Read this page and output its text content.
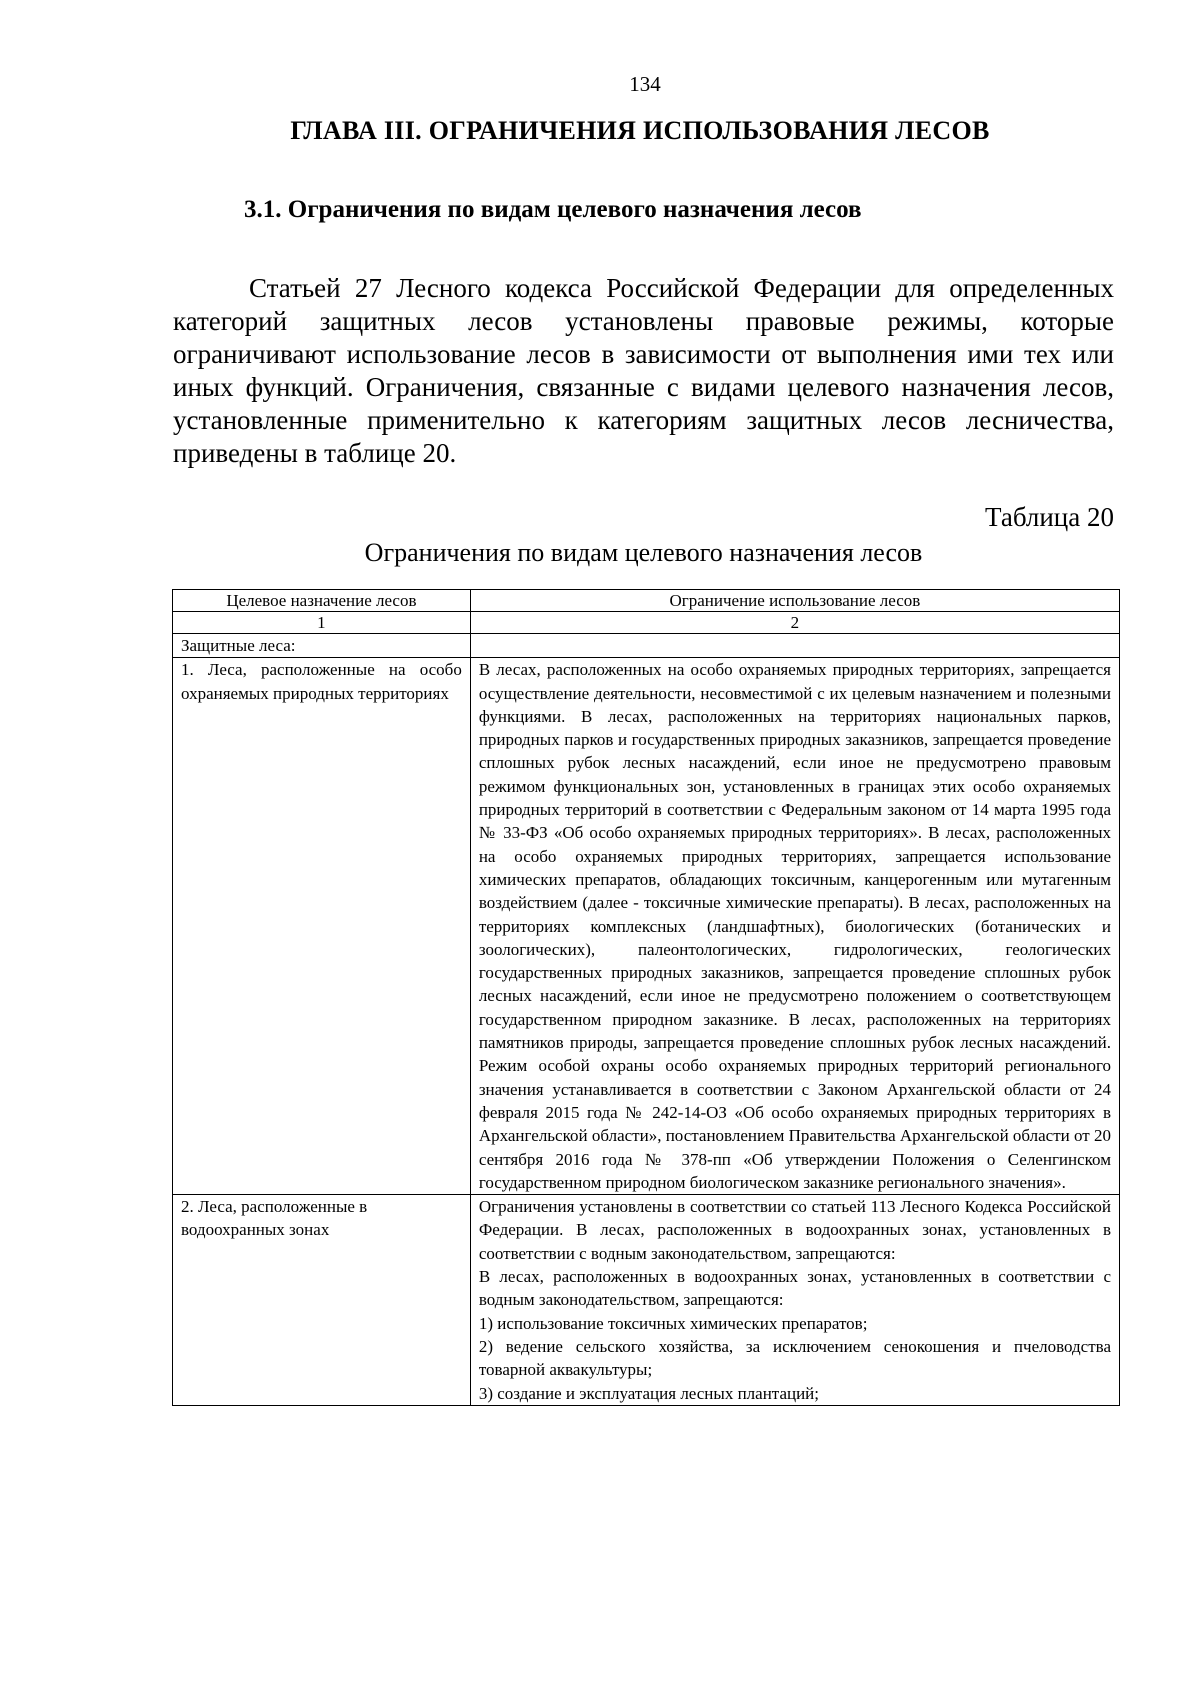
134
ГЛАВА III. ОГРАНИЧЕНИЯ ИСПОЛЬЗОВАНИЯ ЛЕСОВ
3.1. Ограничения по видам целевого назначения лесов

Статьей 27 Лесного кодекса Российской Федерации для определенных категорий защитных лесов установлены правовые режимы, которые ограничивают использование лесов в зависимости от выполнения ими тех или иных функций. Ограничения, связанные с видами целевого назначения лесов, установленные применительно к категориям защитных лесов лесничества, приведены в таблице 20.

Таблица 20
Ограничения по видам целевого назначения лесов
Целевое назначение лесов	Ограничение использование лесов
1	2
Защитные леса:	
1. Леса, расположенные на особо охраняемых природных территориях	В лесах, расположенных на особо охраняемых природных территориях, запрещается осуществление деятельности, несовместимой с их целевым назначением и полезными функциями. В лесах, расположенных на территориях национальных парков, природных парков и государственных природных заказников, запрещается проведение сплошных рубок лесных насаждений, если иное не предусмотрено правовым режимом функциональных зон, установленных в границах этих особо охраняемых природных территорий в соответствии с Федеральным законом от 14 марта 1995 года № 33-ФЗ «Об особо охраняемых природных территориях». В лесах, расположенных на особо охраняемых природных территориях, запрещается использование химических препаратов, обладающих токсичным, канцерогенным или мутагенным воздействием (далее - токсичные химические препараты). В лесах, расположенных на территориях комплексных (ландшафтных), биологических (ботанических и зоологических), палеонтологических, гидрологических, геологических государственных природных заказников, запрещается проведение сплошных рубок лесных насаждений, если иное не предусмотрено положением о соответствующем государственном природном заказнике. В лесах, расположенных на территориях памятников природы, запрещается проведение сплошных рубок лесных насаждений. Режим особой охраны особо охраняемых природных территорий регионального значения устанавливается в соответствии с Законом Архангельской области от 24 февраля 2015 года № 242-14-ОЗ «Об особо охраняемых природных территориях в Архангельской области», постановлением Правительства Архангельской области от 20 сентября 2016 года № 378-пп «Об утверждении Положения о Селенгинском государственном природном биологическом заказнике регионального значения».
2. Леса, расположенные в водоохранных зонах	Ограничения установлены в соответствии со статьей 113 Лесного Кодекса Российской Федерации. В лесах, расположенных в водоохранных зонах, установленных в соответствии с водным законодательством, запрещаются:

В лесах, расположенных в водоохранных зонах, установленных в соответствии с водным законодательством, запрещаются:

1) использование токсичных химических препаратов;

2) ведение сельского хозяйства, за исключением сенокошения и пчеловодства товарной аквакультуры;

3) создание и эксплуатация лесных плантаций;
